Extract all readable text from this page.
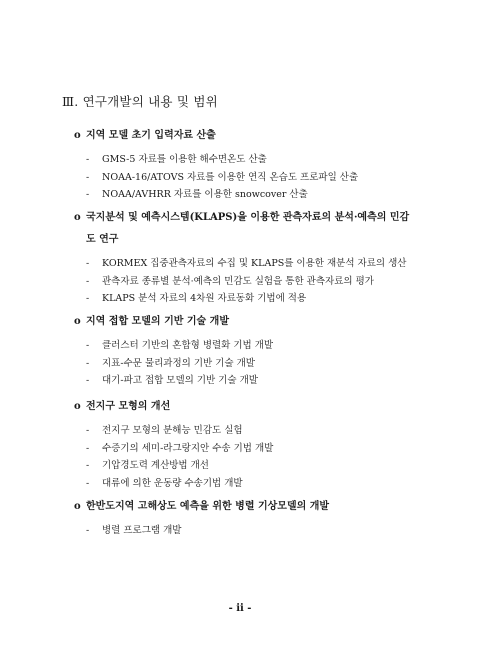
Ⅲ. 연구개발의 내용 및 범위
o 지역 모델 초기 입력자료 산출
- GMS-5 자료를 이용한 해수면온도 산출
- NOAA-16/ATOVS 자료를 이용한 연직 온습도 프로파일 산출
- NOAA/AVHRR 자료를 이용한 snowcover 산출
o 국지분석 및 예측시스템(KLAPS)을 이용한 관측자료의 분석·예측의 민감
도 연구
- KORMEX 집중관측자료의 수집 및 KLAPS를 이용한 재분석 자료의 생산
- 관측자료 종류별 분석·예측의 민감도 실험을 통한 관측자료의 평가
- KLAPS 분석 자료의 4차원 자료동화 기법에 적용
o 지역 접합 모델의 기반 기술 개발
- 클러스터 기반의 혼합형 병렬화 기법 개발
- 지표-수문 물리과정의 기반 기술 개발
- 대기-파고 접합 모델의 기반 기술 개발
o 전지구 모형의 개선
- 전지구 모형의 분해능 민감도 실험
- 수증기의 세미-라그랑지안 수송 기법 개발
- 기압경도력 계산방법 개선
- 대류에 의한 운동량 수송기법 개발
o 한반도지역 고해상도 예측을 위한 병렬 기상모델의 개발
- 병렬 프로그램 개발
- ii -
